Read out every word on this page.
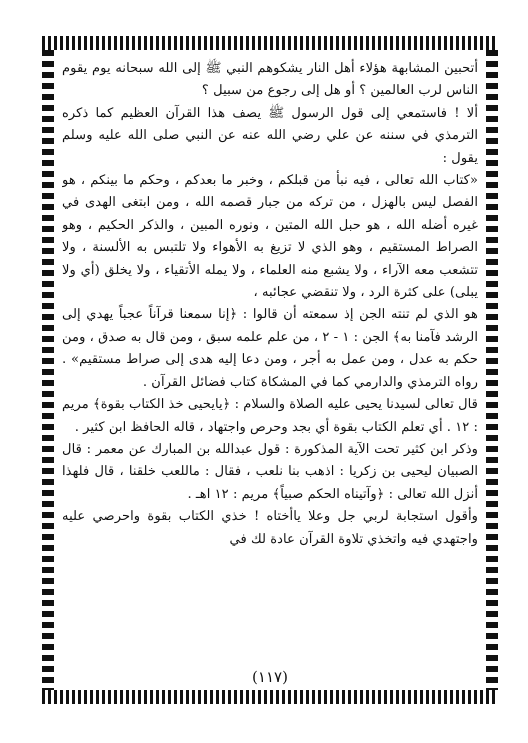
أتحبين المشابهة هؤلاء أهل النار يشكوهم النبي ﷺ إلى الله سبحانه يوم يقوم الناس لرب العالمين ؟ أو هل إلى رجوع من سبيل ؟

ألا ! فاستمعي إلى قول الرسول ﷺ يصف هذا القرآن العظيم كما ذكره الترمذي في سننه عن علي رضي الله عنه عن النبي صلى الله عليه وسلم يقول :

«كتاب الله تعالى ، فيه نبأ من قبلكم ، وخبر ما بعدكم ، وحكم ما بينكم ، هو الفصل ليس بالهزل ، من تركه من جبار قصمه الله ، ومن ابتغى الهدى في غيره أضله الله ، هو حبل الله المتين ، ونوره المبين ، والذكر الحكيم ، وهو الصراط المستقيم ، وهو الذي لا تزيغ به الأهواء ولا تلتبس به الألسنة ، ولا تتشعب معه الآراء ، ولا يشبع منه العلماء ، ولا يمله الأتقياء ، ولا يخلق (أي ولا يبلى) على كثرة الرد ، ولا تنقضي عجائبه ،

هو الذي لم تنته الجن إذ سمعته أن قالوا : ﴿إنا سمعنا قرآناً عجباً يهدي إلى الرشد فآمنا به﴾ الجن : ١ - ٢ ، من علم علمه سبق ، ومن قال به صدق ، ومن حكم به عدل ، ومن عمل به أجر ، ومن دعا إليه هدى إلى صراط مستقيم» . رواه الترمذي والدارمي كما في المشكاة كتاب فضائل القرآن .

قال تعالى لسيدنا يحيى عليه الصلاة والسلام : ﴿يايحيى خذ الكتاب بقوة﴾ مريم : ١٢ . أي تعلم الكتاب بقوة أي بجد وحرص واجتهاد ، قاله الحافظ ابن كثير .

وذكر ابن كثير تحت الآية المذكورة : قول عبدالله بن المبارك عن معمر : قال الصبيان ليحيى بن زكريا : اذهب بنا نلعب ، فقال : ماللعب خلقنا ، قال فلهذا أنزل الله تعالى : ﴿وآتيناه الحكم صبياً﴾ مريم : ١٢ اهـ .

وأقول استجابة لربي جل وعلا ياأختاه ! خذي الكتاب بقوة واحرصي عليه واجتهدي فيه واتخذي تلاوة القرآن عادة لك في

(١١٧)
